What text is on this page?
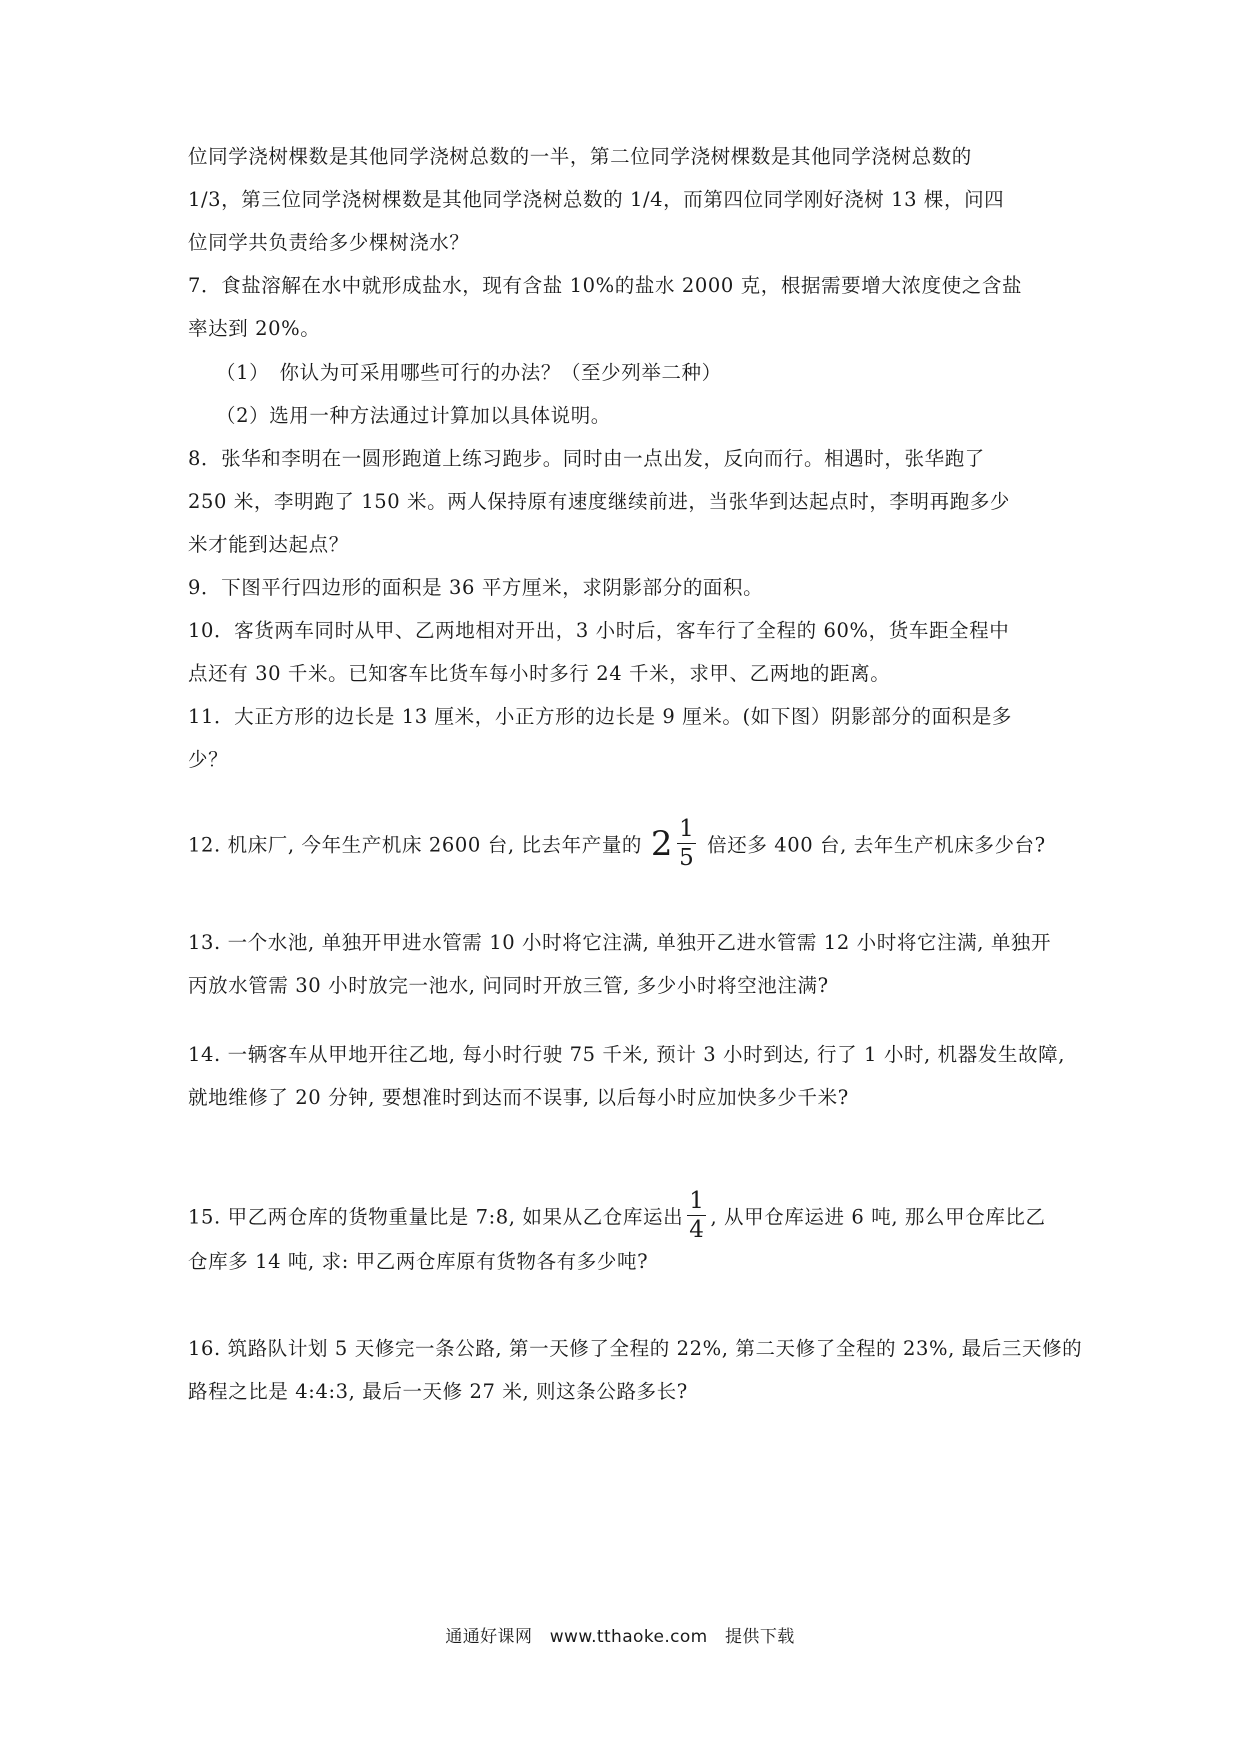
位同学浇树棵数是其他同学浇树总数的一半，第二位同学浇树棵数是其他同学浇树总数的
1/3，第三位同学浇树棵数是其他同学浇树总数的 1/4，而第四位同学刚好浇树 13 棵，问四
位同学共负责给多少棵树浇水？
7．食盐溶解在水中就形成盐水，现有含盐 10%的盐水 2000 克，根据需要增大浓度使之含盐
率达到 20%。
（1）　你认为可采用哪些可行的办法？（至少列举二种）
（2）选用一种方法通过计算加以具体说明。
8．张华和李明在一圆形跑道上练习跑步。同时由一点出发，反向而行。相遇时，张华跑了
250 米，李明跑了 150 米。两人保持原有速度继续前进，当张华到达起点时，李明再跑多少
米才能到达起点？
9．下图平行四边形的面积是 36 平方厘米，求阴影部分的面积。
10．客货两车同时从甲、乙两地相对开出，3 小时后，客车行了全程的 60%，货车距全程中
点还有 30 千米。已知客车比货车每小时多行 24 千米，求甲、乙两地的距离。
11．大正方形的边长是 13 厘米，小正方形的边长是 9 厘米。(如下图）阴影部分的面积是多
少？
12. 机床厂, 今年生产机床 2600 台, 比去年产量的 $2 \frac{1}{5}$ 倍还多 400 台, 去年生产机床多少台?
13. 一个水池, 单独开甲进水管需 10 小时将它注满, 单独开乙进水管需 12 小时将它注满, 单独开
丙放水管需 30 小时放完一池水, 问同时开放三管, 多少小时将空池注满?
14. 一辆客车从甲地开往乙地, 每小时行驶 75 千米, 预计 3 小时到达, 行了 1 小时, 机器发生故障,
就地维修了 20 分钟, 要想准时到达而不误事, 以后每小时应加快多少千米?
15. 甲乙两仓库的货物重量比是 7:8, 如果从乙仓库运出 $\frac{1}{4}$ , 从甲仓库运进 6 吨, 那么甲仓库比乙
仓库多 14 吨, 求: 甲乙两仓库原有货物各有多少吨?
16. 筑路队计划 5 天修完一条公路, 第一天修了全程的 22%, 第二天修了全程的 23%, 最后三天修的
路程之比是 4:4:3, 最后一天修 27 米, 则这条公路多长?
通通好课网　www.tthaoke.com　提供下载
